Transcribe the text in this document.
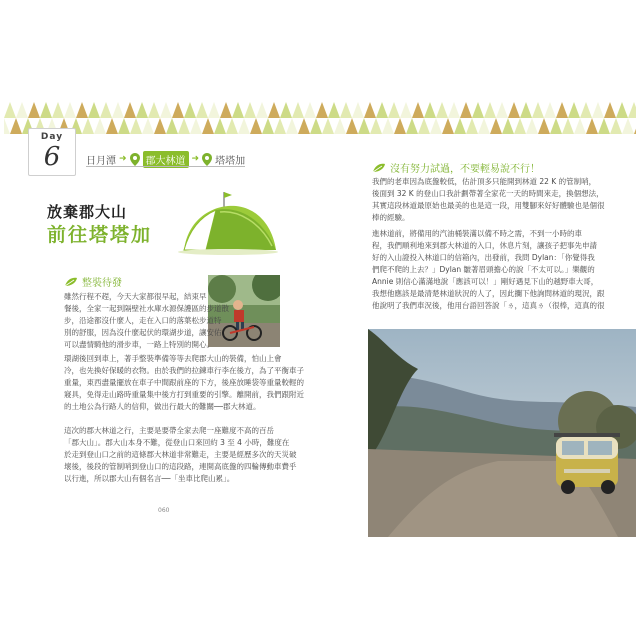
Day
6	日月潭 ➜	郡大林道 ➜ 塔塔加
放棄郡大山
前往塔塔加
整裝待發
雖然行程不趕，今天大家都很早起，結束早
餐後，全家一起到隔壁社水庫水源保護區的步道散
步，沿途都沒什麼人，走在入口的落葉松步道特
別的舒服，因為沒什麼起伏的環湖步道，讓安佑
可以盡情騎他的滑步車，一路上特別的開心。
環湖後回到車上，著手整裝準備等等去爬郡大山的裝備，怕山上會
冷，也先換好保暖的衣物。由於我們的拉鍊車行李在後方，為了平衡車子
重量，東西盡量擺放在車子中間跟前座的下方，後座放睡袋等重量較輕的
寢具，免得走山路時重量集中後方打到重要的引擎。離開前，我們跟附近
的土地公為行路人的信仰，做出行最大的難關──郡大林道。
這次的郡大林道之行，主要是要帶全家去爬一座難度不高的百岳
「郡大山」。郡大山本身不難，從登山口來回約 3 至 4 小時，難度在
於走到登山口之前的這條郡大林道非常難走，主要是經歷多次的天災破
壞後，後段的管制哨到登山口的這段路，連開高底盤的四輪傳動車費乎
以行進，所以郡大山有個名言──「坐車比爬山累」。
060
沒有努力試過，不要輕易說不行！
我們的老車因為底盤較低，估計頂多只能開到林道 22 K 的管制哨，
後面到 32 K 的登山口我計劃帶著全家花一天的時間來走，換個想法，
其實這段林道最原始也最美的也是這一段，用雙腳來好好體驗也是個很
棒的經驗。
進林道前，將備用的汽油桶裝滿以備不時之需，不到一小時的車
程，我們順利地來到郡大林道的入口，休息片刻，讓孩子把事先申請
好的入山證投入林道口的信箱內，出發前，我問 Dylan：「你覺得我
們爬不爬的上去？」Dylan 皺著眉頭擔心的說「不太可以。」樂觀的
Annie 則信心滿滿地說「應該可以！」剛好遇見下山的越野車大哥，
我想他應該是最清楚林道狀況的人了，因此攔下他詢問林道的現況，跟
他說明了我們車況後，他用台語回答說「ㄌ，這真ㄌ（很棒，這真的很
